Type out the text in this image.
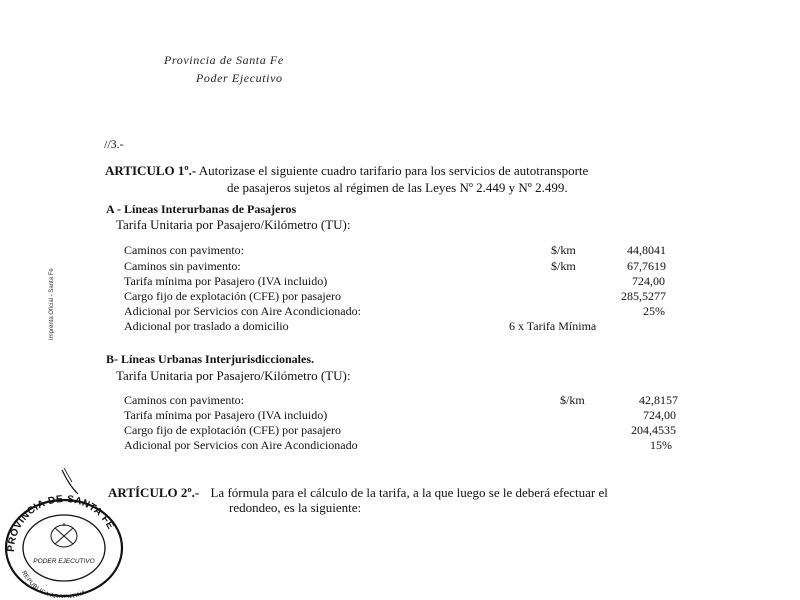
Provincia de Santa Fe
Poder Ejecutivo
//3.-
Imprenta Oficial - Santa Fe
ARTICULO 1º.- Autorizase el siguiente cuadro tarifario para los servicios de autotransporte
de pasajeros sujetos al régimen de las Leyes Nº 2.449 y Nº 2.499.
A - Líneas Interurbanas de Pasajeros
Tarifa Unitaria por Pasajero/Kilómetro (TU):
Caminos con pavimento:	$/km	44,8041
Caminos sin pavimento:	$/km	67,7619
Tarifa mínima por Pasajero (IVA incluido)	724,00
Cargo fijo de explotación (CFE) por pasajero	285,5277
Adicional por Servicios con Aire Acondicionado:	25%
Adicional por traslado a domicilio	6 x Tarifa Mínima
B- Líneas Urbanas Interjurisdiccionales.
Tarifa Unitaria por Pasajero/Kilómetro (TU):
Caminos con pavimento:	$/km	42,8157
Tarifa mínima por Pasajero (IVA incluido)	724,00
Cargo fijo de explotación (CFE) por pasajero	204,4535
Adicional por Servicios con Aire Acondicionado	15%
ARTÍCULO 2º.- La fórmula para el cálculo de la tarifa, a la que luego se le deberá efectuar el
redondeo, es la siguiente:
PROVINCIA DE SANTA FE
REPUBLICA ARGENTINA
PODER EJECUTIVO
